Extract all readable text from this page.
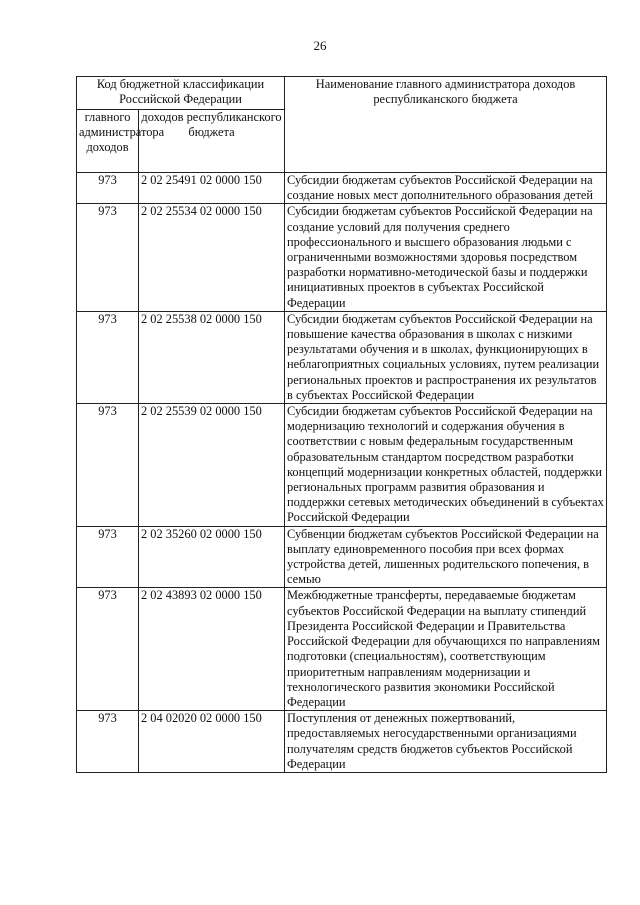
26
Код бюджетной классификации Российской Федерации		Наименование главного администратора доходов республиканского бюджета
главного администратора доходов	доходов республиканского бюджета	
973	2 02 25491 02 0000 150	Субсидии бюджетам субъектов Российской Федерации на создание новых мест дополнительного образования детей
973	2 02 25534 02 0000 150	Субсидии бюджетам субъектов Российской Федерации на создание условий для получения среднего профессионального и высшего образования людьми с ограниченными возможностями здоровья посредством разработки нормативно-методической базы и поддержки инициативных проектов в субъектах Российской Федерации
973	2 02 25538 02 0000 150	Субсидии бюджетам субъектов Российской Федерации на повышение качества образования в школах с низкими результатами обучения и в школах, функционирующих в неблагоприятных социальных условиях, путем реализации региональных проектов и распространения их результатов в субъектах Российской Федерации
973	2 02 25539 02 0000 150	Субсидии бюджетам субъектов Российской Федерации на модернизацию технологий и содержания обучения в соответствии с новым федеральным государственным образовательным стандартом посредством разработки концепций модернизации конкретных областей, поддержки региональных программ развития образования и поддержки сетевых методических объединений в субъектах Российской Федерации
973	2 02 35260 02 0000 150	Субвенции бюджетам субъектов Российской Федерации на выплату единовременного пособия при всех формах устройства детей, лишенных родительского попечения, в семью
973	2 02 43893 02 0000 150	Межбюджетные трансферты, передаваемые бюджетам субъектов Российской Федерации на выплату стипендий Президента Российской Федерации и Правительства Российской Федерации для обучающихся по направлениям подготовки (специальностям), соответствующим приоритетным направлениям модернизации и технологического развития экономики Российской Федерации
973	2 04 02020 02 0000 150	Поступления от денежных пожертвований, предоставляемых негосударственными организациями получателям средств бюджетов субъектов Российской Федерации
